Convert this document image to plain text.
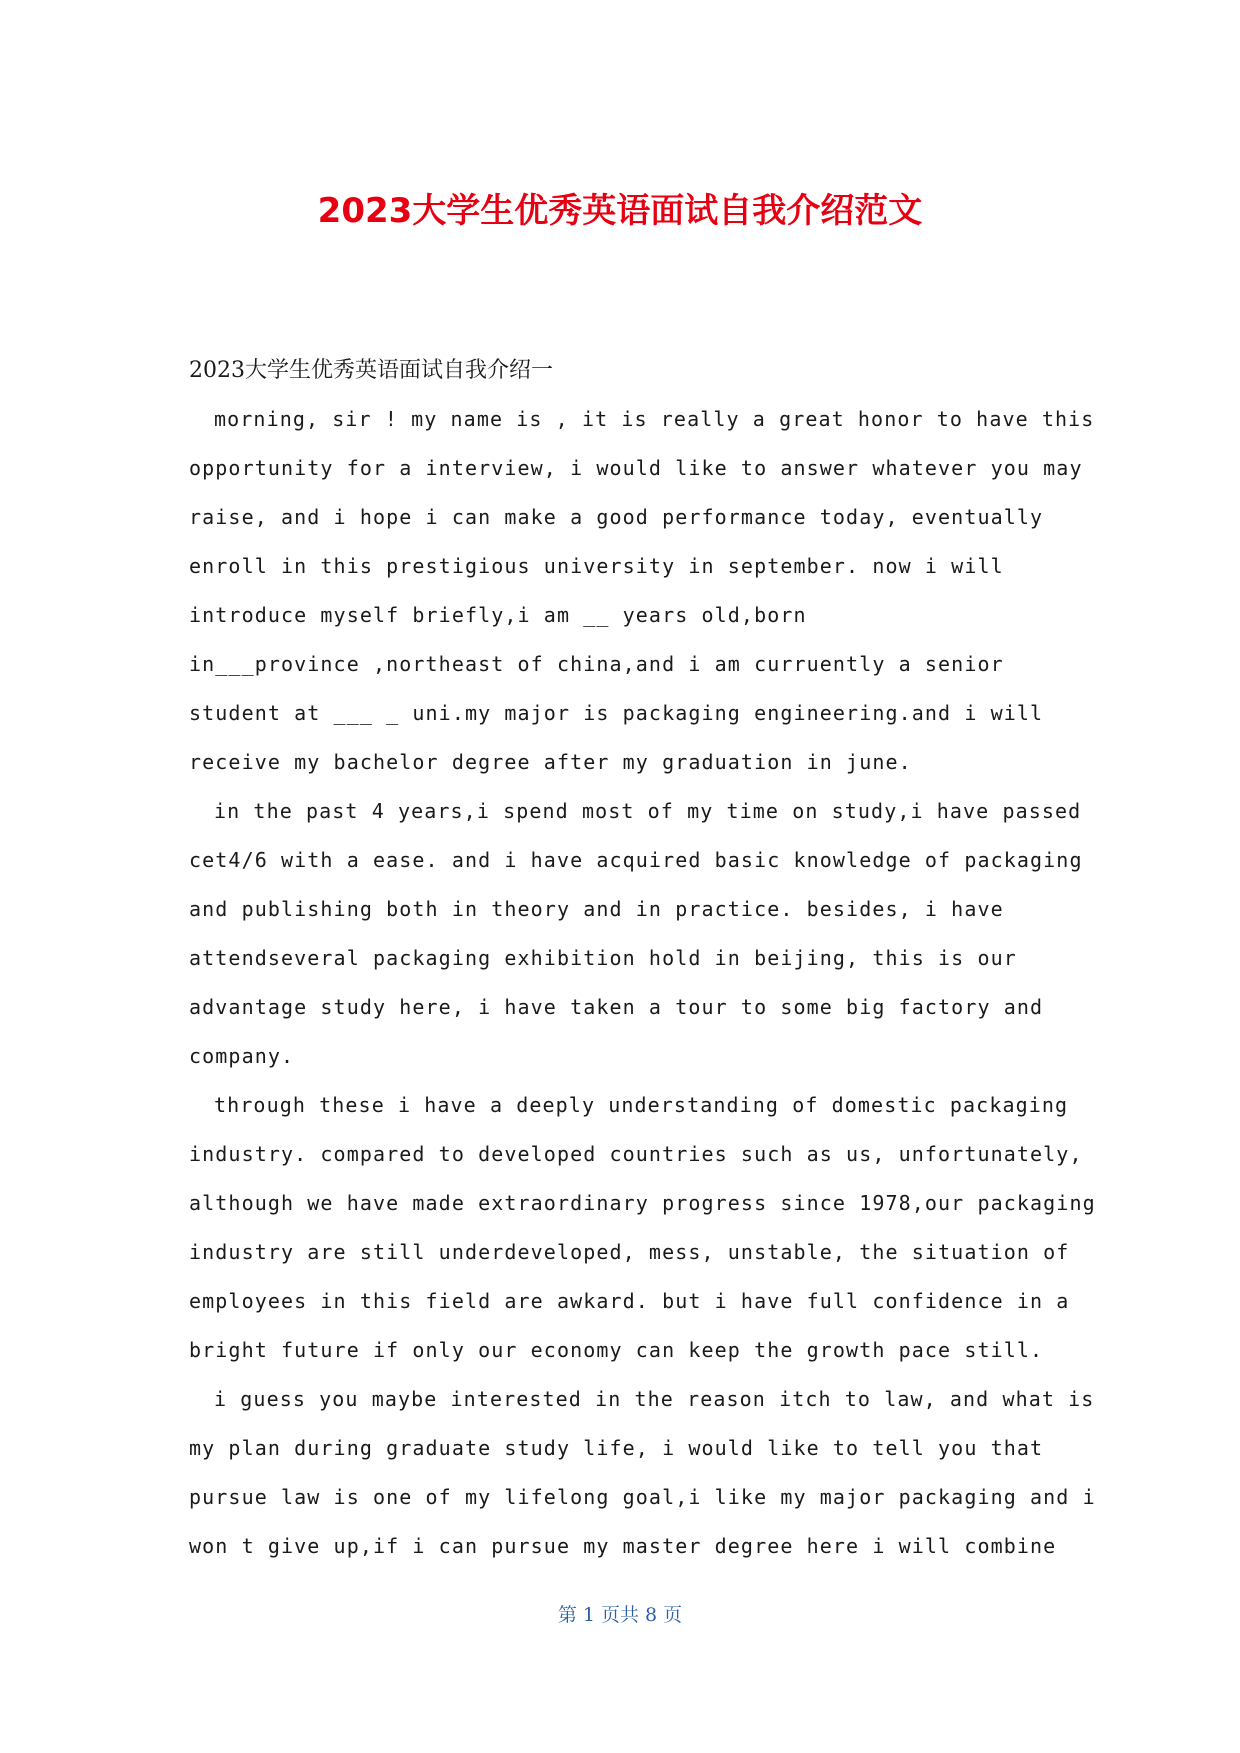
2023大学生优秀英语面试自我介绍范文

2023大学生优秀英语面试自我介绍一

morning, sir ! my name is , it is really a great honor to have this

opportunity for a interview, i would like to answer whatever you may

raise, and i hope i can make a good performance today, eventually

enroll in this prestigious university in september. now i will

introduce myself briefly,i am __ years old,born

in___province ,northeast of china,and i am curruently a senior

student at ___ _ uni.my major is packaging engineering.and i will

receive my bachelor degree after my graduation in june.

in the past 4 years,i spend most of my time on study,i have passed

cet4/6 with a ease. and i have acquired basic knowledge of packaging

and publishing both in theory and in practice. besides, i have

attendseveral packaging exhibition hold in beijing, this is our

advantage study here, i have taken a tour to some big factory and

company.

through these i have a deeply understanding of domestic packaging

industry. compared to developed countries such as us, unfortunately,

although we have made extraordinary progress since 1978,our packaging

industry are still underdeveloped, mess, unstable, the situation of

employees in this field are awkard. but i have full confidence in a

bright future if only our economy can keep the growth pace still.

i guess you maybe interested in the reason itch to law, and what is

my plan during graduate study life, i would like to tell you that

pursue law is one of my lifelong goal,i like my major packaging and i

won t give up,if i can pursue my master degree here i will combine

第 1 页共 8 页
